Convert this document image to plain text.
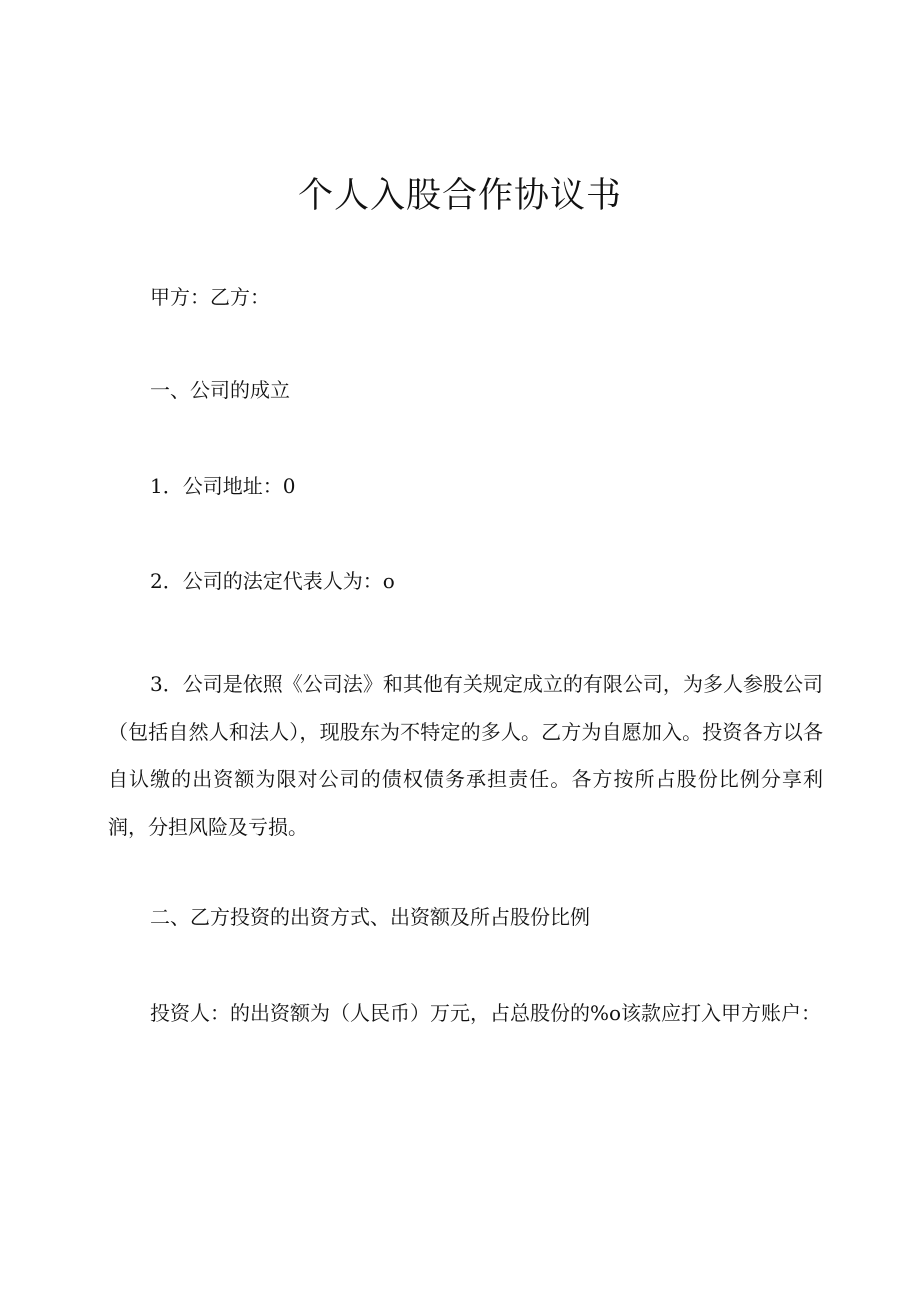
个人入股合作协议书

甲方：乙方：

一、公司的成立

1．公司地址：0

2．公司的法定代表人为：o

3．公司是依照《公司法》和其他有关规定成立的有限公司，为多人参股公司（包括自然人和法人），现股东为不特定的多人。乙方为自愿加入。投资各方以各自认缴的出资额为限对公司的债权债务承担责任。各方按所占股份比例分享利润，分担风险及亏损。

二、乙方投资的出资方式、出资额及所占股份比例

投资人：的出资额为（人民币）万元，占总股份的%o该款应打入甲方账户：
